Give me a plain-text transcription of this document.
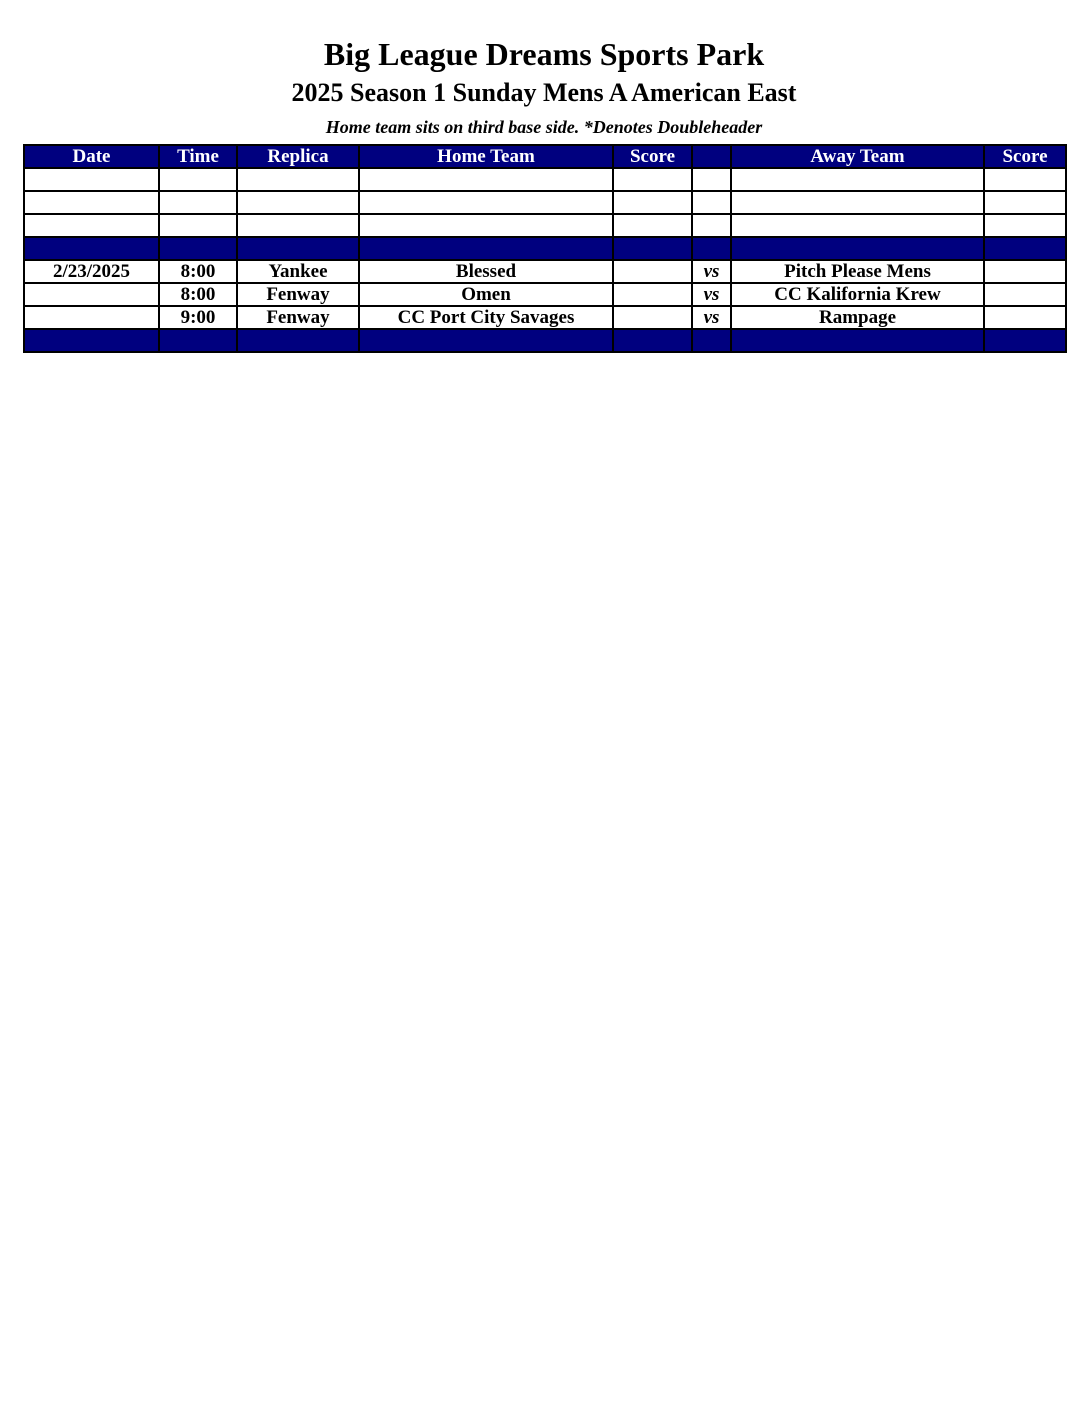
Big League Dreams Sports Park
2025 Season 1 Sunday Mens A American East
Home team sits on third base side. *Denotes Doubleheader
Date	Time	Replica	Home Team	Score		Away Team	Score

2/23/2025	8:00	Yankee	Blessed		vs	Pitch Please Mens	
	8:00	Fenway	Omen		vs	CC Kalifornia Krew	
	9:00	Fenway	CC Port City Savages		vs	Rampage	
